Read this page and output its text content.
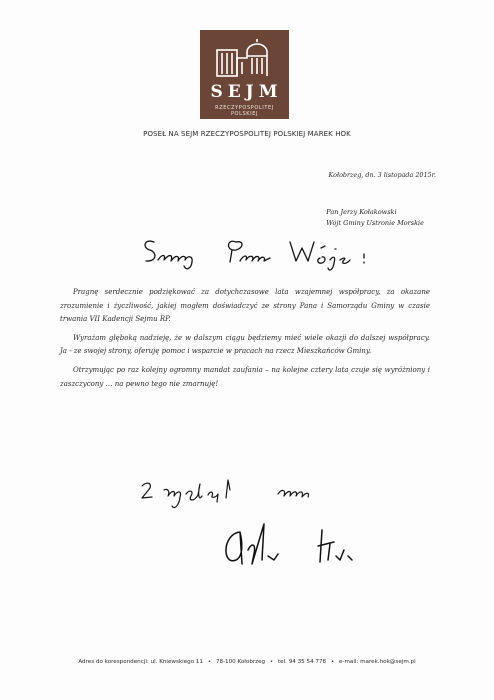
SEJM
RZECZYPOSPOLITEJ
POLSKIEJ
POSEŁ NA SEJM RZECZYPOSPOLITEJ POLSKIEJ MAREK HOK
Kołobrzeg, dn. 3 listopada 2015r.
Pan Jerzy Kołakowski
Wójt Gminy Ustronie Morskie

Pragnę serdecznie podziękować za dotychczasowe lata wzajemnej współpracy, za okazane zrozumienie i życzliwość, jakiej mogłem doświadczyć ze strony Pana i Samorządu Gminy w czasie trwania VII Kadencji Sejmu RP.

Wyrażam głęboką nadzieję, że w dalszym ciągu będziemy mieć wiele okazji do dalszej współpracy. Ja - ze swojej strony, oferuję pomoc i wsparcie w pracach na rzecz Mieszkańców Gminy.

Otrzymując po raz kolejny ogromny mandat zaufania – na kolejne cztery lata czuje się wyróżniony i zaszczycony … na pewno tego nie zmarnuję!

Adres do korespondencji: ul. Kniewskiego 11 • 78-100 Kołobrzeg • tel. 94 35 54 778 • e-mail: marek.hok@sejm.pl
